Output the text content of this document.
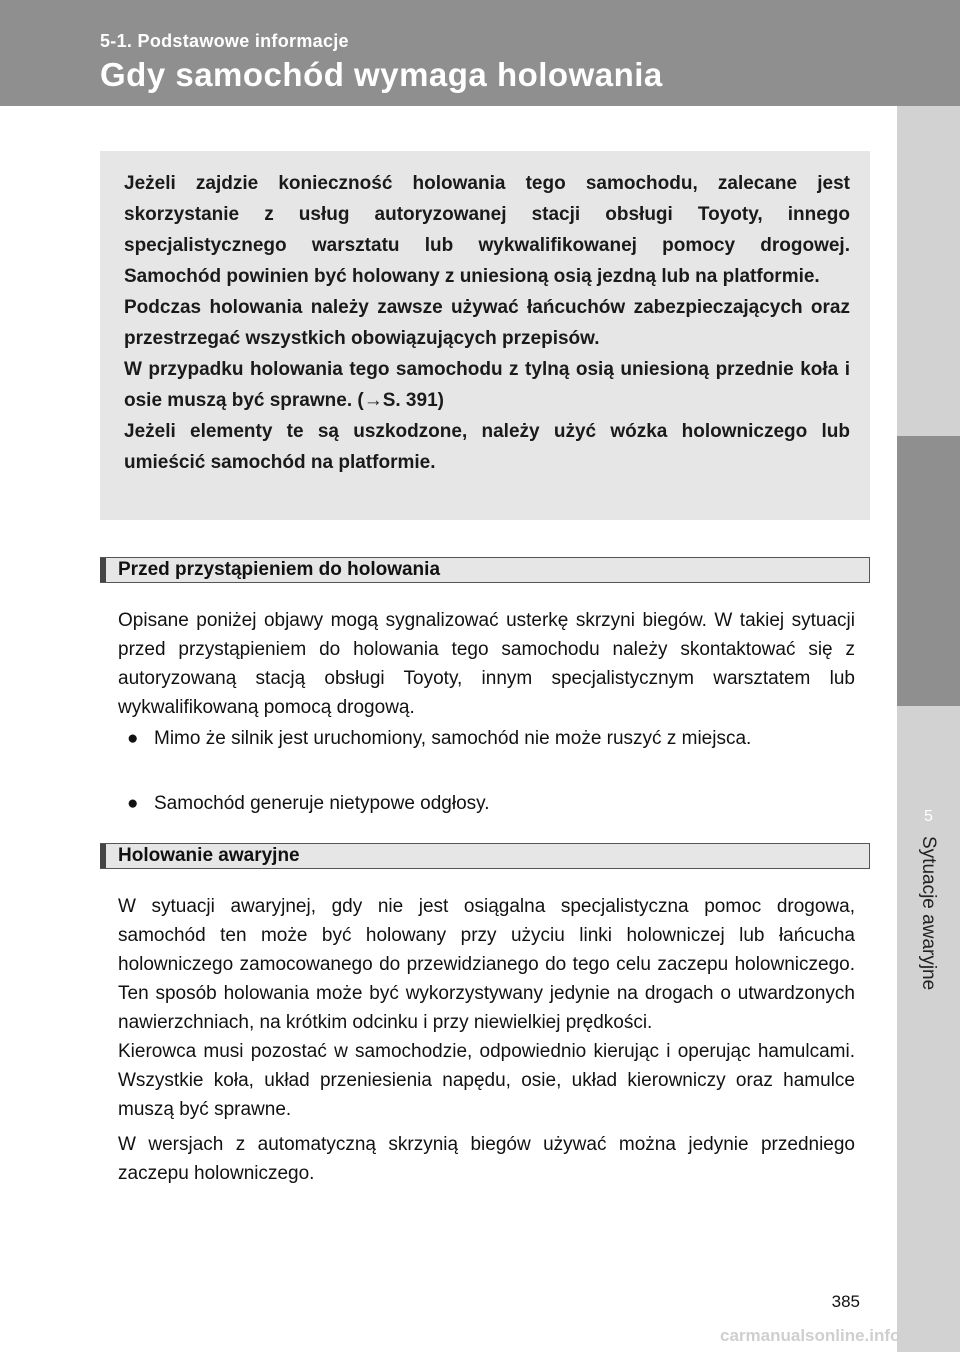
5-1. Podstawowe informacje
Gdy samochód wymaga holowania
5
Sytuacje awaryjne

Jeżeli zajdzie konieczność holowania tego samochodu, zalecane jest skorzystanie z usług autoryzowanej stacji obsługi Toyoty, innego specjalistycznego warsztatu lub wykwalifikowanej pomocy drogowej. Samochód powinien być holowany z uniesioną osią jezdną lub na platformie.

Podczas holowania należy zawsze używać łańcuchów zabezpieczających oraz przestrzegać wszystkich obowiązujących przepisów.

W przypadku holowania tego samochodu z tylną osią uniesioną przednie koła i osie muszą być sprawne. (→S. 391)

Jeżeli elementy te są uszkodzone, należy użyć wózka holowniczego lub umieścić samochód na platformie.

Przed przystąpieniem do holowania

Opisane poniżej objawy mogą sygnalizować usterkę skrzyni biegów. W takiej sytuacji przed przystąpieniem do holowania tego samochodu należy skontaktować się z autoryzowaną stacją obsługi Toyoty, innym specjalistycznym warsztatem lub wykwalifikowaną pomocą drogową.

● Mimo że silnik jest uruchomiony, samochód nie może ruszyć z miejsca.
● Samochód generuje nietypowe odgłosy.
Holowanie awaryjne

W sytuacji awaryjnej, gdy nie jest osiągalna specjalistyczna pomoc drogowa, samochód ten może być holowany przy użyciu linki holowniczej lub łańcucha holowniczego zamocowanego do przewidzianego do tego celu zaczepu holowniczego. Ten sposób holowania może być wykorzystywany jedynie na drogach o utwardzonych nawierzchniach, na krótkim odcinku i przy niewielkiej prędkości.

Kierowca musi pozostać w samochodzie, odpowiednio kierując i operując hamulcami. Wszystkie koła, układ przeniesienia napędu, osie, układ kierowniczy oraz hamulce muszą być sprawne.

W wersjach z automatyczną skrzynią biegów używać można jedynie przedniego zaczepu holowniczego.

385
carmanualsonline.info
